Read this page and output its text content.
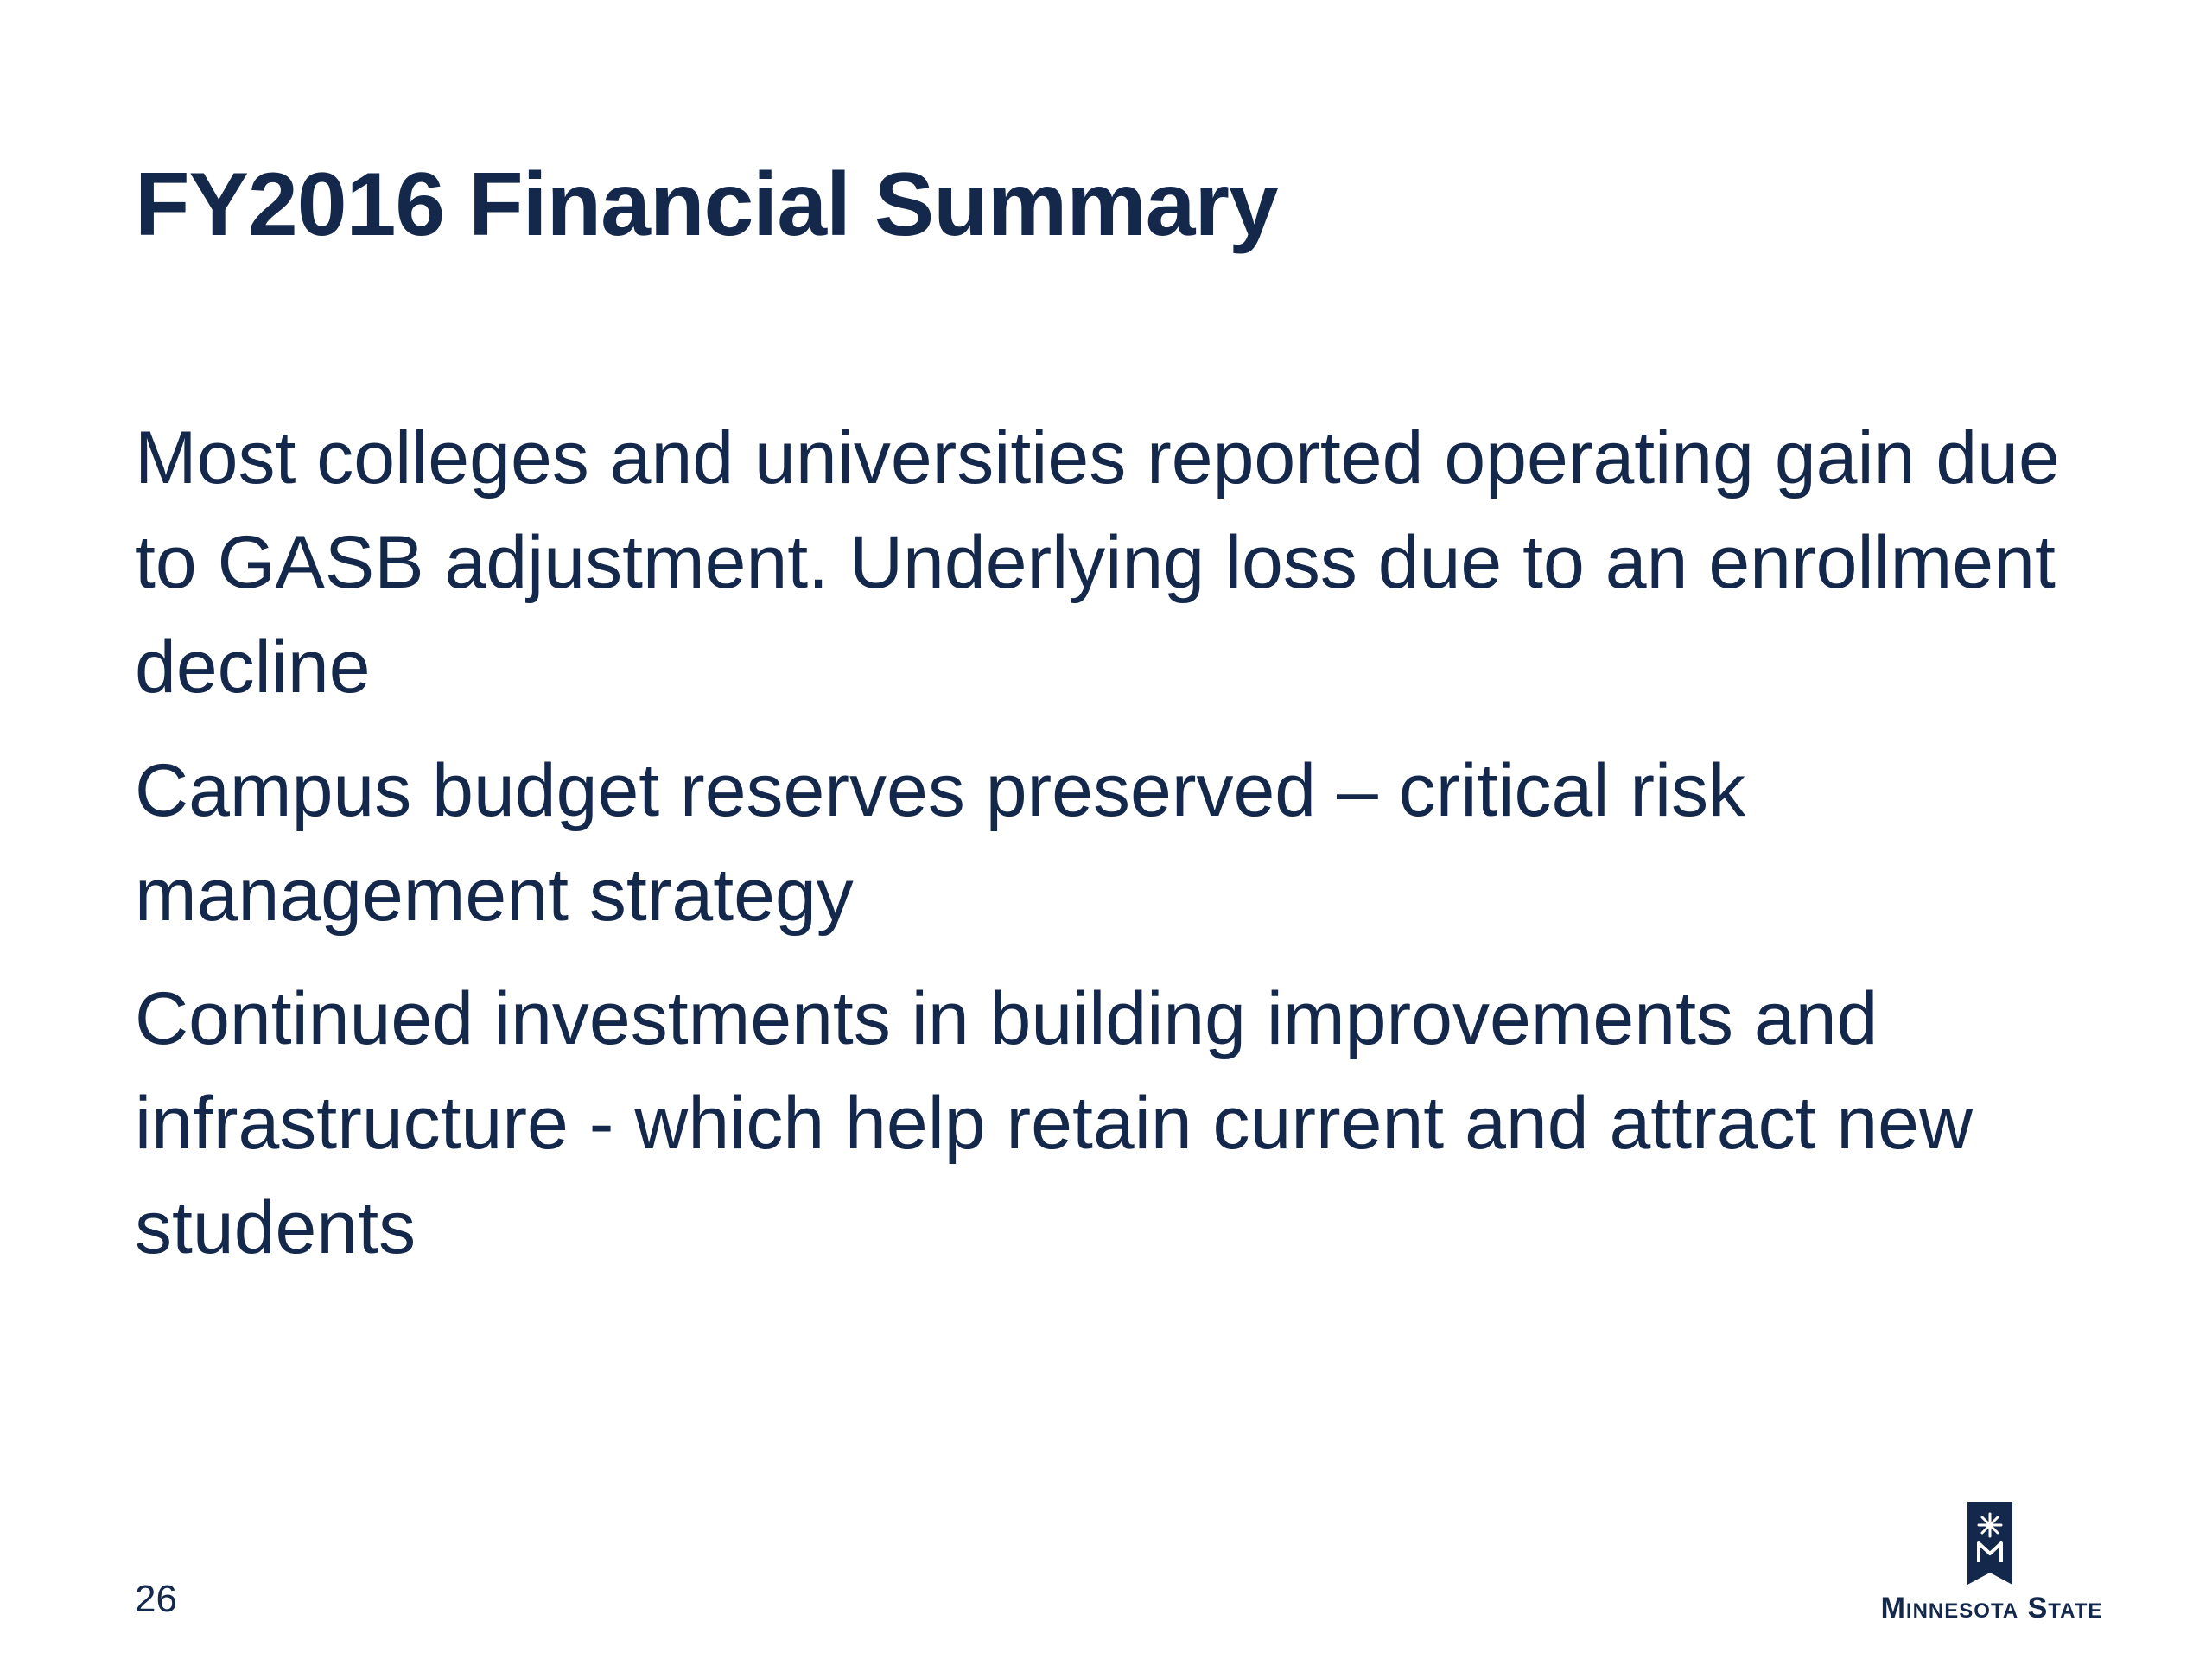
FY2016 Financial Summary
Most colleges and universities reported operating gain due to GASB adjustment. Underlying loss due to an enrollment decline
Campus budget reserves preserved – critical risk management strategy
Continued investments in building improvements and infrastructure - which help retain current and attract new students
26	Minnesota State
